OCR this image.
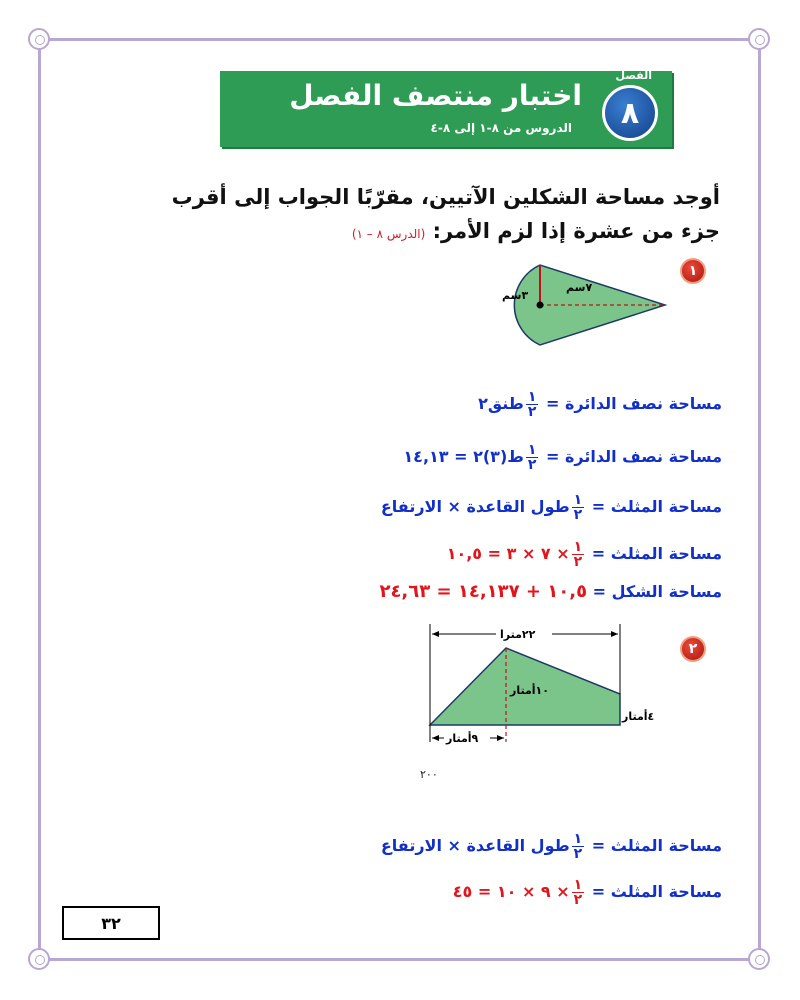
٨
الفصل
اختبار منتصف الفصل
الدروس من ٨-١ إلى ٨-٤
أوجد مساحة الشكلين الآتيين، مقرّبًا الجواب إلى أقرب
جزء من عشرة إذا لزم الأمر: (الدرس ٨ – ١)
١
٣سم
٧سم
مساحة نصف الدائرة =
$\frac{١}{٢}$
طنق٢
مساحة نصف الدائرة =
$\frac{١}{٢}$
ط(٣)٢ = ١٤,١٣
مساحة المثلث =
$\frac{١}{٢}$
طول القاعدة × الارتفاع
مساحة المثلث =
$\frac{١}{٢}$
× ٧ × ٣ = ١٠,٥
مساحة الشكل = ١٠,٥ + ١٤,١٣٧ = ٢٤,٦٣
٢
٢٢مترا
١٠أمتار
٤أمتار
٩أمتار
٢٠٠
مساحة المثلث =
$\frac{١}{٢}$
طول القاعدة × الارتفاع
مساحة المثلث =
$\frac{١}{٢}$
× ٩ × ١٠ = ٤٥
٣٢
